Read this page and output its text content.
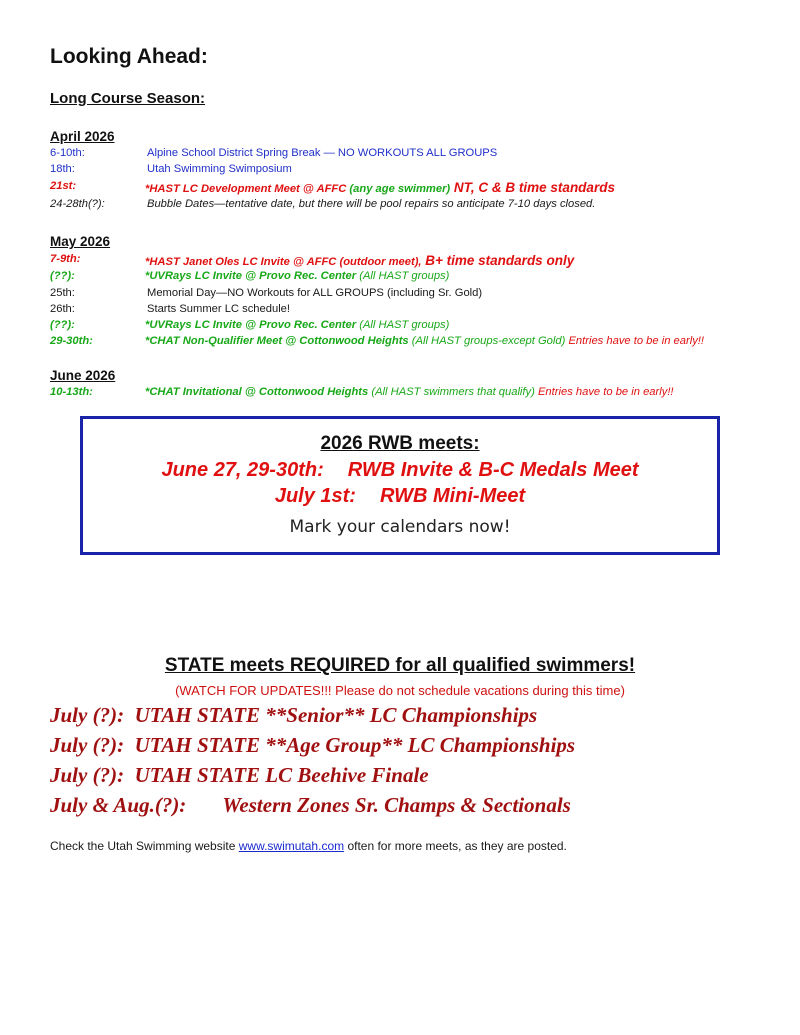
Looking Ahead:
Long Course Season:
April 2026
6-10th:	Alpine School District Spring Break — NO WORKOUTS ALL GROUPS
18th:	Utah Swimming Swimposium
21st:	*HAST LC Development Meet @ AFFC (any age swimmer) NT, C & B time standards
24-28th(?):	Bubble Dates—tentative date, but there will be pool repairs so anticipate 7-10 days closed.
May 2026
7-9th:	*HAST Janet Oles LC Invite @ AFFC (outdoor meet), B+ time standards only
(??):	*UVRays LC Invite @ Provo Rec. Center (All HAST groups)
25th:	Memorial Day—NO Workouts for ALL GROUPS (including Sr. Gold)
26th:	Starts Summer LC schedule!
(??):	*UVRays LC Invite @ Provo Rec. Center (All HAST groups)
29-30th:	*CHAT Non-Qualifier Meet @ Cottonwood Heights (All HAST groups-except Gold) Entries have to be in early!!
June 2026
10-13th:	*CHAT Invitational @ Cottonwood Heights (All HAST swimmers that qualify) Entries have to be in early!!
2026 RWB meets:
June 27, 29-30th: RWB Invite & B-C Medals Meet
July 1st: RWB Mini-Meet
Mark your calendars now!
STATE meets REQUIRED for all qualified swimmers!
(WATCH FOR UPDATES!!! Please do not schedule vacations during this time)
July (?): UTAH STATE **Senior** LC Championships
July (?): UTAH STATE **Age Group** LC Championships
July (?): UTAH STATE LC Beehive Finale
July & Aug.(?): Western Zones Sr. Champs & Sectionals
Check the Utah Swimming website www.swimutah.com often for more meets, as they are posted.
